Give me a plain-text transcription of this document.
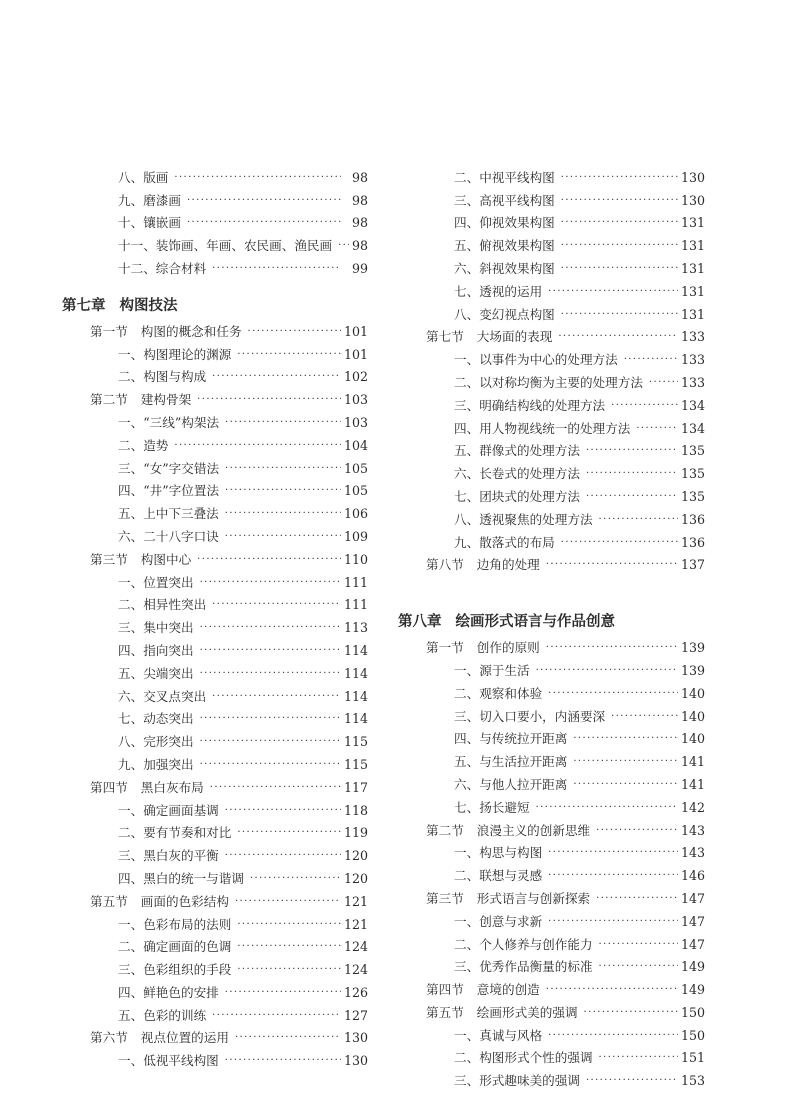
八、版画 ·····	98
九、磨漆画 ·····	98
十、镶嵌画 ·····	98
十一、装饰画、年画、农民画、渔民画 ····· 98
十二、综合材料 ·····	99
第七章 构图技法
第一节 构图的概念和任务 ·····	101
一、构图理论的渊源 ·····	101
二、构图与构成 ·····	102
第二节 建构骨架 ·····	103
一、“三线”构架法 ·····	103
二、造势 ·····	104
三、“女”字交错法 ·····	105
四、“井”字位置法 ·····	105
五、上中下三叠法 ·····	106
六、二十八字口诀 ·····	109
第三节 构图中心 ·····	110
一、位置突出 ·····	111
二、相异性突出 ·····	111
三、集中突出 ·····	113
四、指向突出 ·····	114
五、尖端突出 ·····	114
六、交叉点突出 ·····	114
七、动态突出 ·····	114
八、完形突出 ·····	115
九、加强突出 ·····	115
第四节 黑白灰布局 ·····	117
一、确定画面基调 ·····	118
二、要有节奏和对比 ·····	119
三、黑白灰的平衡 ·····	120
四、黑白的统一与谐调 ·····	120
第五节 画面的色彩结构 ·····	121
一、色彩布局的法则 ·····	121
二、确定画面的色调 ·····	124
三、色彩组织的手段 ·····	124
四、鲜艳色的安排 ·····	126
五、色彩的训练 ·····	127
第六节 视点位置的运用 ·····	130
一、低视平线构图 ·····	130
二、中视平线构图 ·····	130
三、高视平线构图 ·····	130
四、仰视效果构图 ·····	131
五、俯视效果构图 ·····	131
六、斜视效果构图 ·····	131
七、透视的运用 ·····	131
八、变幻视点构图 ·····	131
第七节 大场面的表现 ·····	133
一、以事件为中心的处理方法 ·····	133
二、以对称均衡为主要的处理方法 ·····	133
三、明确结构线的处理方法 ·····	134
四、用人物视线统一的处理方法 ·····	134
五、群像式的处理方法 ·····	135
六、长卷式的处理方法 ·····	135
七、团块式的处理方法 ·····	135
八、透视聚焦的处理方法 ·····	136
九、散落式的布局 ·····	136
第八节 边角的处理 ·····	137
第八章 绘画形式语言与作品创意
第一节 创作的原则 ·····	139
一、源于生活 ·····	139
二、观察和体验 ·····	140
三、切入口要小，内涵要深 ·····	140
四、与传统拉开距离 ·····	140
五、与生活拉开距离 ·····	141
六、与他人拉开距离 ·····	141
七、扬长避短 ·····	142
第二节 浪漫主义的创新思维 ·····	143
一、构思与构图 ·····	143
二、联想与灵感 ·····	146
第三节 形式语言与创新探索 ·····	147
一、创意与求新 ·····	147
二、个人修养与创作能力 ·····	147
三、优秀作品衡量的标准 ·····	149
第四节 意境的创造 ·····	149
第五节 绘画形式美的强调 ·····	150
一、真诚与风格 ·····	150
二、构图形式个性的强调 ·····	151
三、形式趣味美的强调 ·····	153
